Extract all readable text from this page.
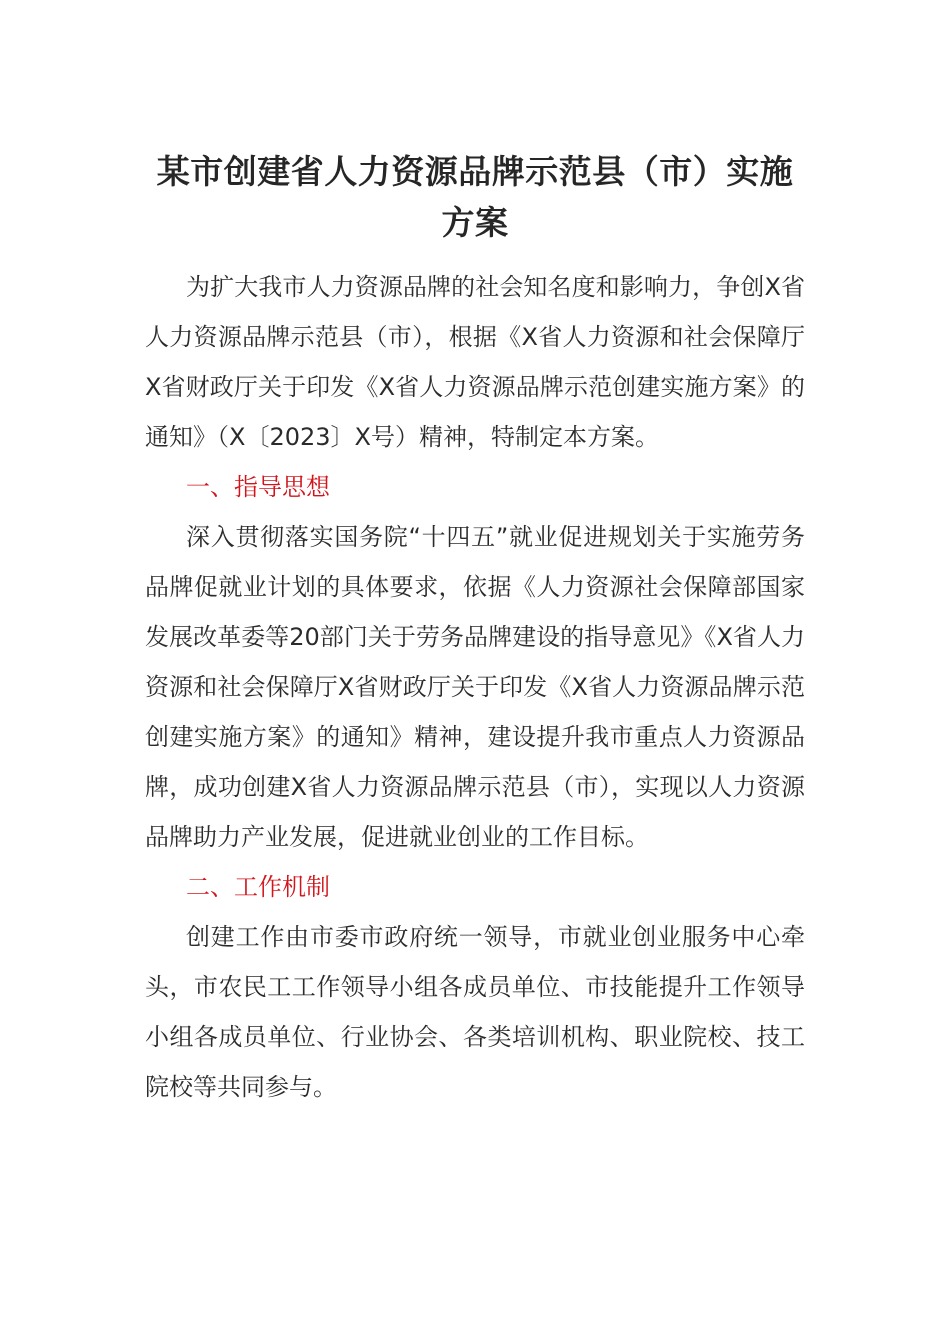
某市创建省人力资源品牌示范县（市）实施方案

为扩大我市人力资源品牌的社会知名度和影响力，争创X省人力资源品牌示范县（市），根据《X省人力资源和社会保障厅X省财政厅关于印发《X省人力资源品牌示范创建实施方案》的通知》（X〔2023〕X号）精神，特制定本方案。

一、指导思想

深入贯彻落实国务院“十四五”就业促进规划关于实施劳务品牌促就业计划的具体要求，依据《人力资源社会保障部国家发展改革委等20部门关于劳务品牌建设的指导意见》《X省人力资源和社会保障厅X省财政厅关于印发《X省人力资源品牌示范创建实施方案》的通知》精神，建设提升我市重点人力资源品牌，成功创建X省人力资源品牌示范县（市），实现以人力资源品牌助力产业发展，促进就业创业的工作目标。

二、工作机制

创建工作由市委市政府统一领导，市就业创业服务中心牵头，市农民工工作领导小组各成员单位、市技能提升工作领导小组各成员单位、行业协会、各类培训机构、职业院校、技工院校等共同参与。
